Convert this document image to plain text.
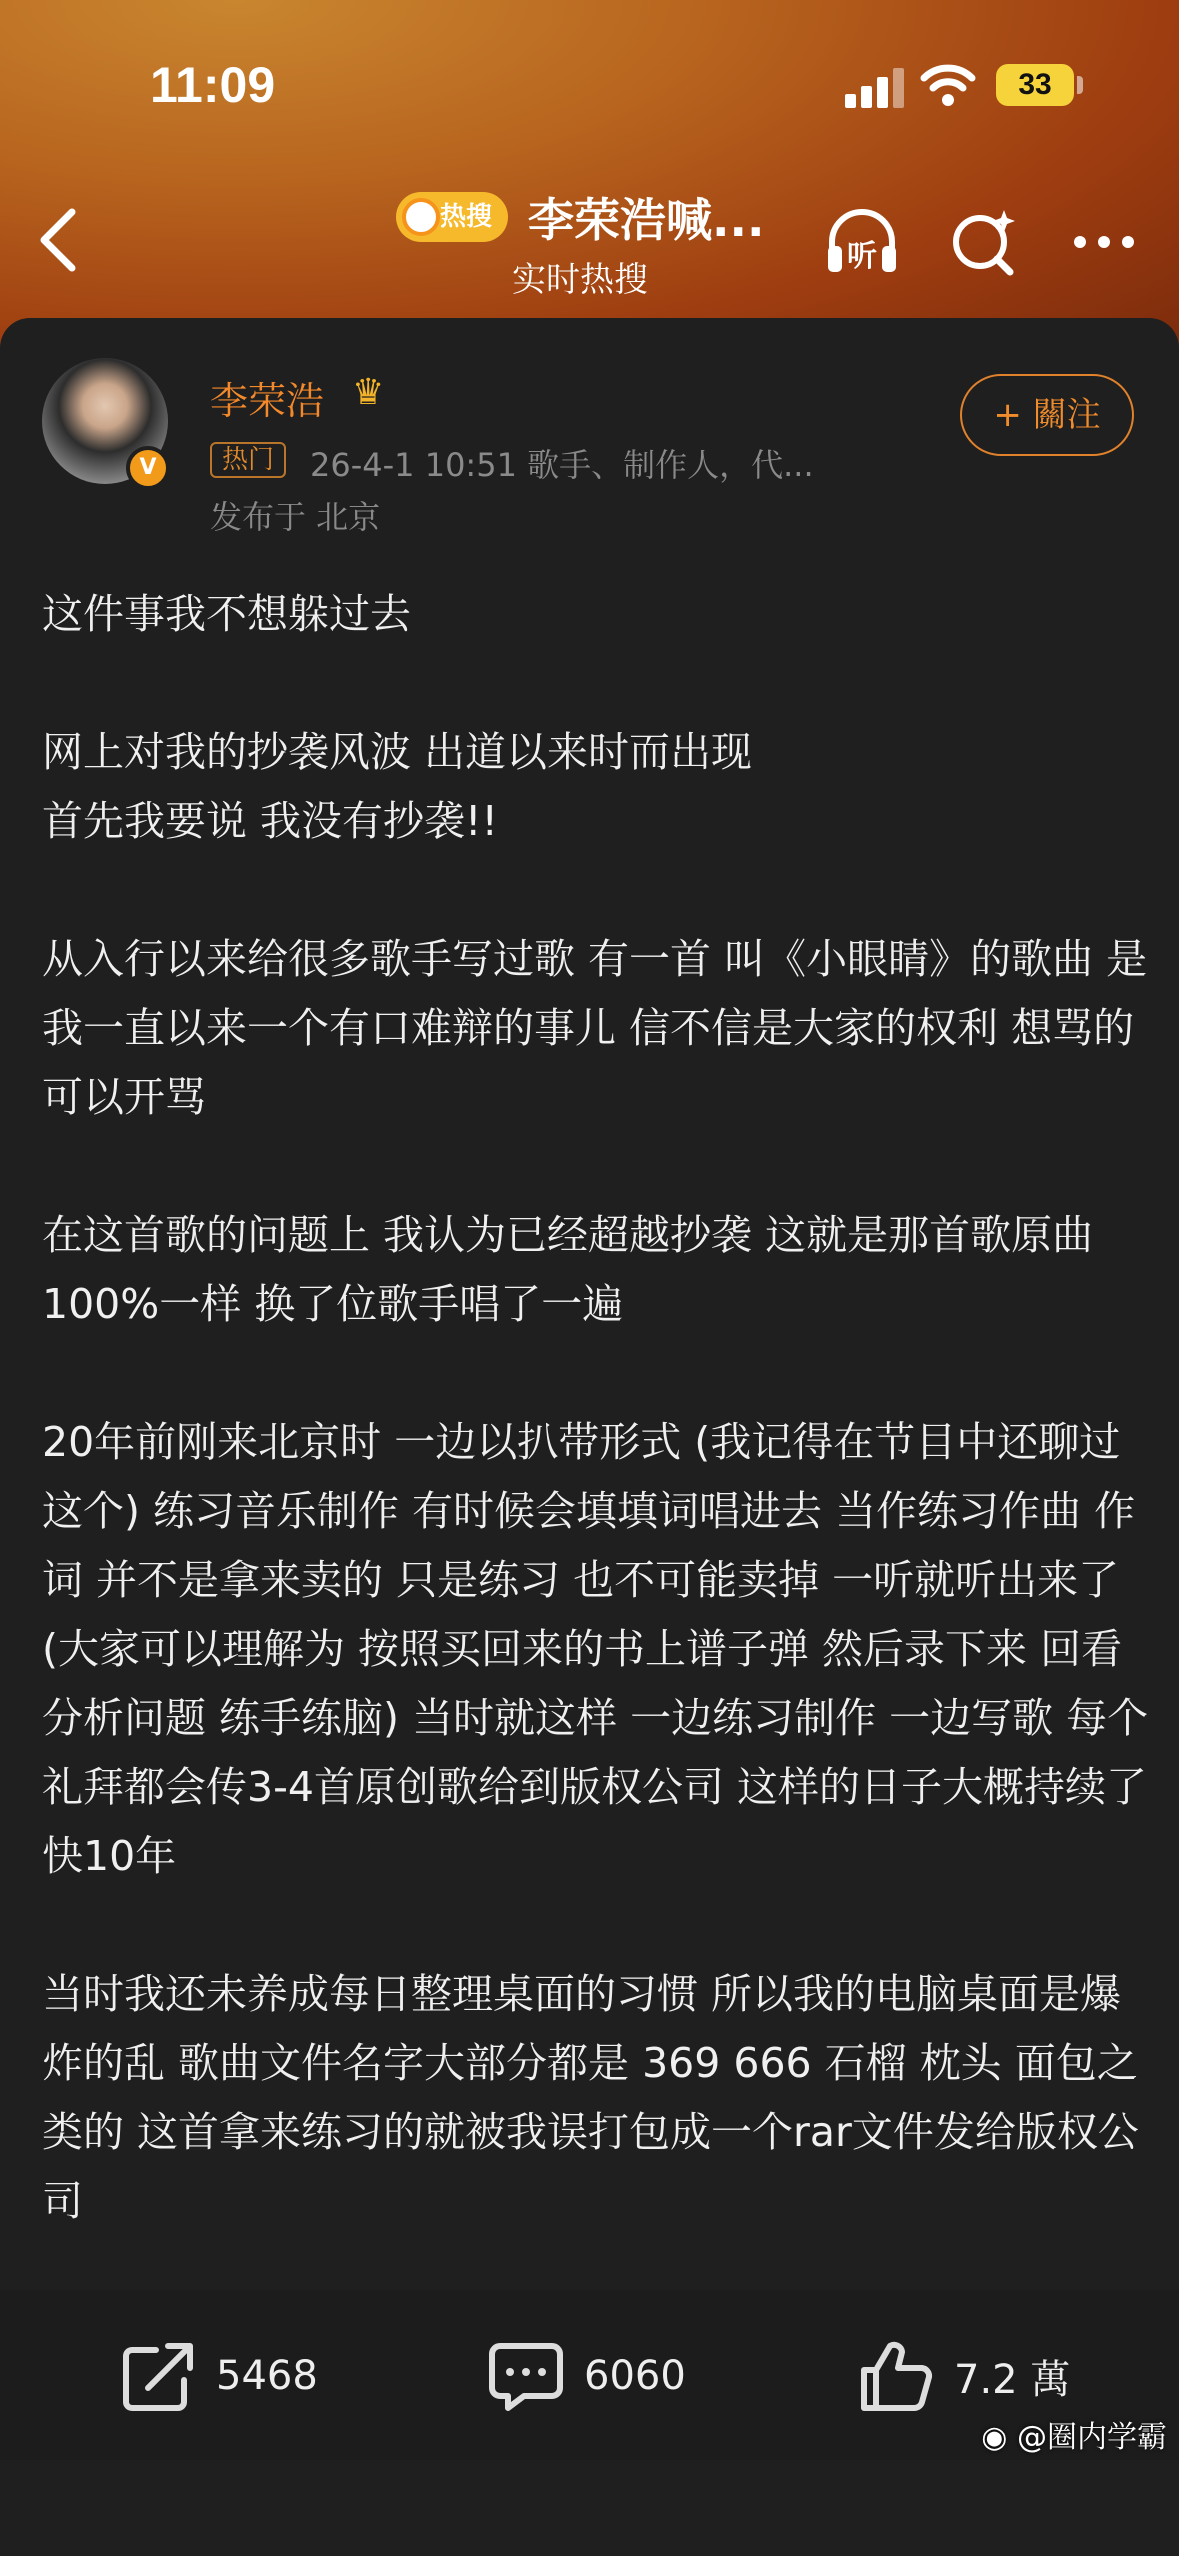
11:09	33
热搜 李荣浩喊...
实时热搜
听
V
李荣浩 ♛
热门	26-4-1 10:51 歌手、制作人，代...
发布于 北京
+ 關注

这件事我不想躲过去

网上对我的抄袭风波 出道以来时而出现
首先我要说 我没有抄袭!!

从入行以来给很多歌手写过歌 有一首 叫《小眼睛》的歌曲 是我一直以来一个有口难辩的事儿 信不信是大家的权利 想骂的可以开骂

在这首歌的问题上 我认为已经超越抄袭 这就是那首歌原曲 100%一样 换了位歌手唱了一遍

20年前刚来北京时 一边以扒带形式 (我记得在节目中还聊过这个) 练习音乐制作 有时候会填填词唱进去 当作练习作曲 作词 并不是拿来卖的 只是练习 也不可能卖掉 一听就听出来了 (大家可以理解为 按照买回来的书上谱子弹 然后录下来 回看分析问题 练手练脑) 当时就这样 一边练习制作 一边写歌 每个礼拜都会传3-4首原创歌给到版权公司 这样的日子大概持续了快10年

当时我还未养成每日整理桌面的习惯 所以我的电脑桌面是爆炸的乱 歌曲文件名字大部分都是 369 666 石榴 枕头 面包之类的 这首拿来练习的就被我误打包成一个rar文件发给版权公司

5468	6060	7.2 萬
◉ @圈内学霸
